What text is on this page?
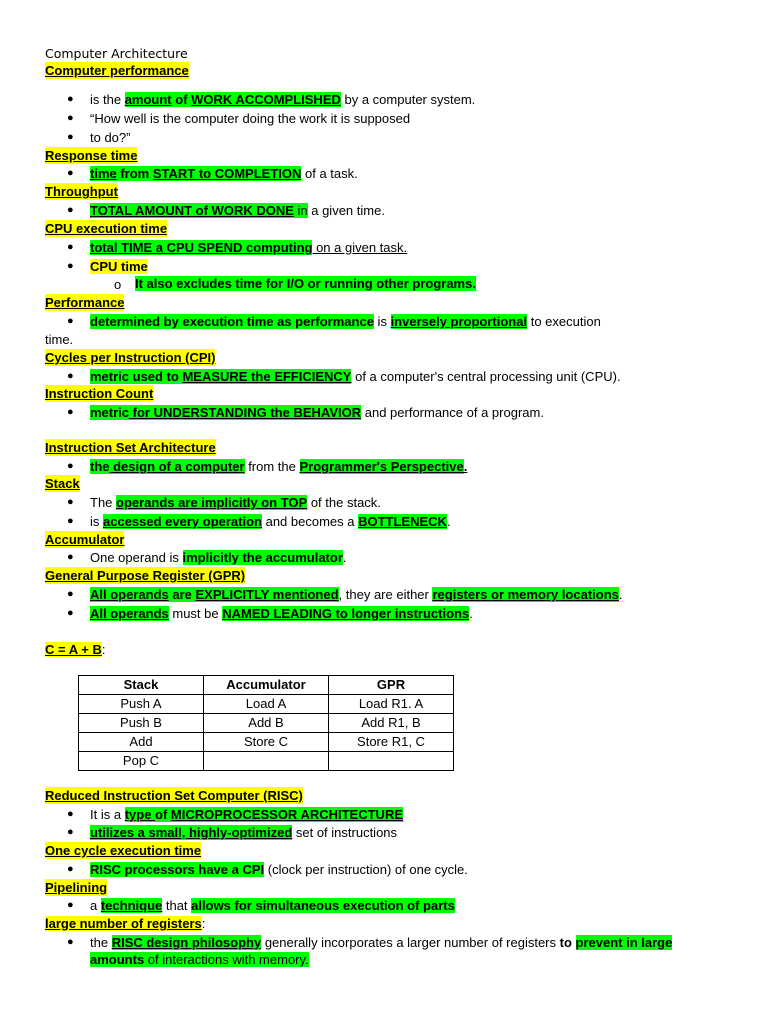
Computer Architecture
Computer performance
● is the amount of WORK ACCOMPLISHED by a computer system.
● “How well is the computer doing the work it is supposed
● to do?”
Response time
● time from START to COMPLETION of a task.
Throughput
● TOTAL AMOUNT of WORK DONE in a given time.
CPU execution time
● total TIME a CPU SPEND computing on a given task.
● CPU time
o It also excludes time for I/O or running other programs.
Performance
● determined by execution time as performance is inversely proportional to execution
time.
Cycles per Instruction (CPI)
● metric used to MEASURE the EFFICIENCY of a computer's central processing unit (CPU).
Instruction Count
● metric for UNDERSTANDING the BEHAVIOR and performance of a program.
Instruction Set Architecture
● the design of a computer from the Programmer's Perspective.
Stack
● The operands are implicitly on TOP of the stack.
● is accessed every operation and becomes a BOTTLENECK.
Accumulator
● One operand is implicitly the accumulator.
General Purpose Register (GPR)
● All operands are EXPLICITLY mentioned, they are either registers or memory locations.
● All operands must be NAMED LEADING to longer instructions.
C = A + B:
Stack	Accumulator	GPR
Push A	Load A	Load R1. A
Push B	Add B	Add R1, B
Add	Store C	Store R1, C
Pop C		
Reduced Instruction Set Computer (RISC)
● It is a type of MICROPROCESSOR ARCHITECTURE
● utilizes a small, highly-optimized set of instructions
One cycle execution time
● RISC processors have a CPI (clock per instruction) of one cycle.
Pipelining
● a technique that allows for simultaneous execution of parts
large number of registers:
● the RISC design philosophy generally incorporates a larger number of registers to prevent in large
amounts of interactions with memory.
